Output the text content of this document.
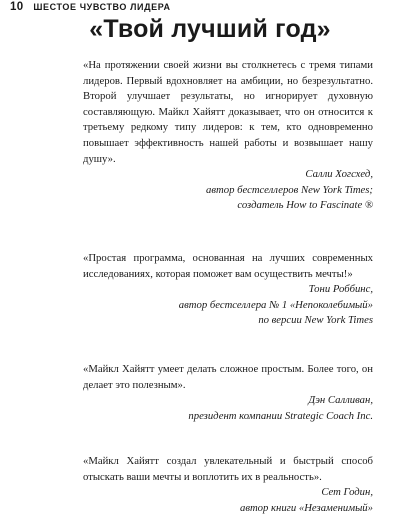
10 ШЕСТОЕ ЧУВСТВО ЛИДЕРА
«Твой лучший год»

«На протяжении своей жизни вы столкнетесь с тремя типами лидеров. Первый вдохновляет на амбиции, но безрезультатно. Второй улучшает результаты, но игнорирует духовную составляющую. Майкл Хайятт доказывает, что он относится к третьему редкому типу лидеров: к тем, кто одновременно повышает эффективность нашей работы и возвышает нашу душу».

Салли Хогсхед,

автор бестселлеров New York Times;

создатель How to Fascinate ®

«Простая программа, основанная на лучших современных исследованиях, которая поможет вам осуществить мечты!»

Тони Роббинс,

автор бестселлера № 1 «Непоколебимый»

по версии New York Times

«Майкл Хайятт умеет делать сложное простым. Более того, он делает это полезным».

Дэн Салливан,

президент компании Strategic Coach Inc.

«Майкл Хайятт создал увлекательный и быстрый способ отыскать ваши мечты и воплотить их в реальность».

Сет Годин,

автор книги «Незаменимый»
